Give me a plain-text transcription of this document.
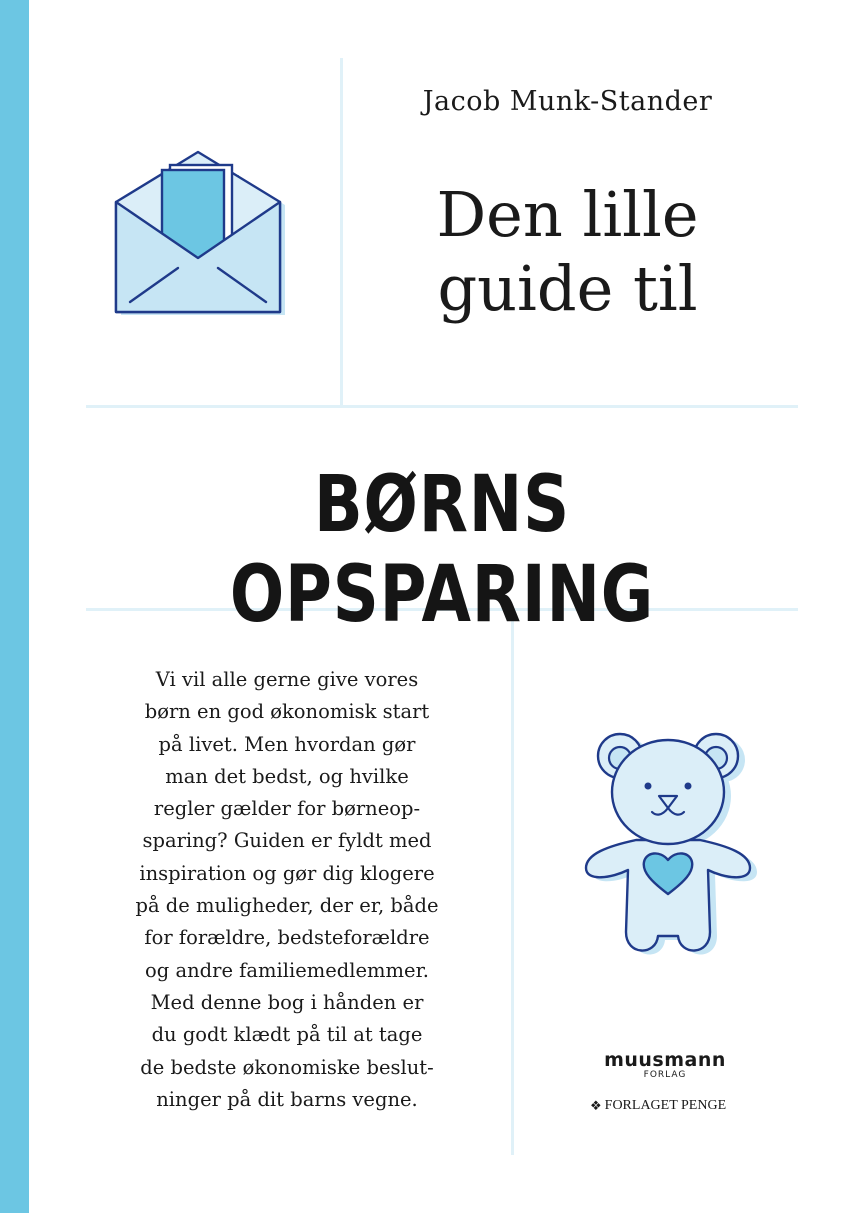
Jacob Munk-Stander
Den lille
guide til
BØRNS OPSPARING
Vi vil alle gerne give vores
børn en god økonomisk start
på livet. Men hvordan gør
man det bedst, og hvilke
regler gælder for børneop-
sparing? Guiden er fyldt med
inspiration og gør dig klogere
på de muligheder, der er, både
for forældre, bedsteforældre
og andre familiemedlemmer.
Med denne bog i hånden er
du godt klædt på til at tage
de bedste økonomiske beslut-
ninger på dit barns vegne.
muusmann
FORLAG
❖ FORLAGET PENGE
